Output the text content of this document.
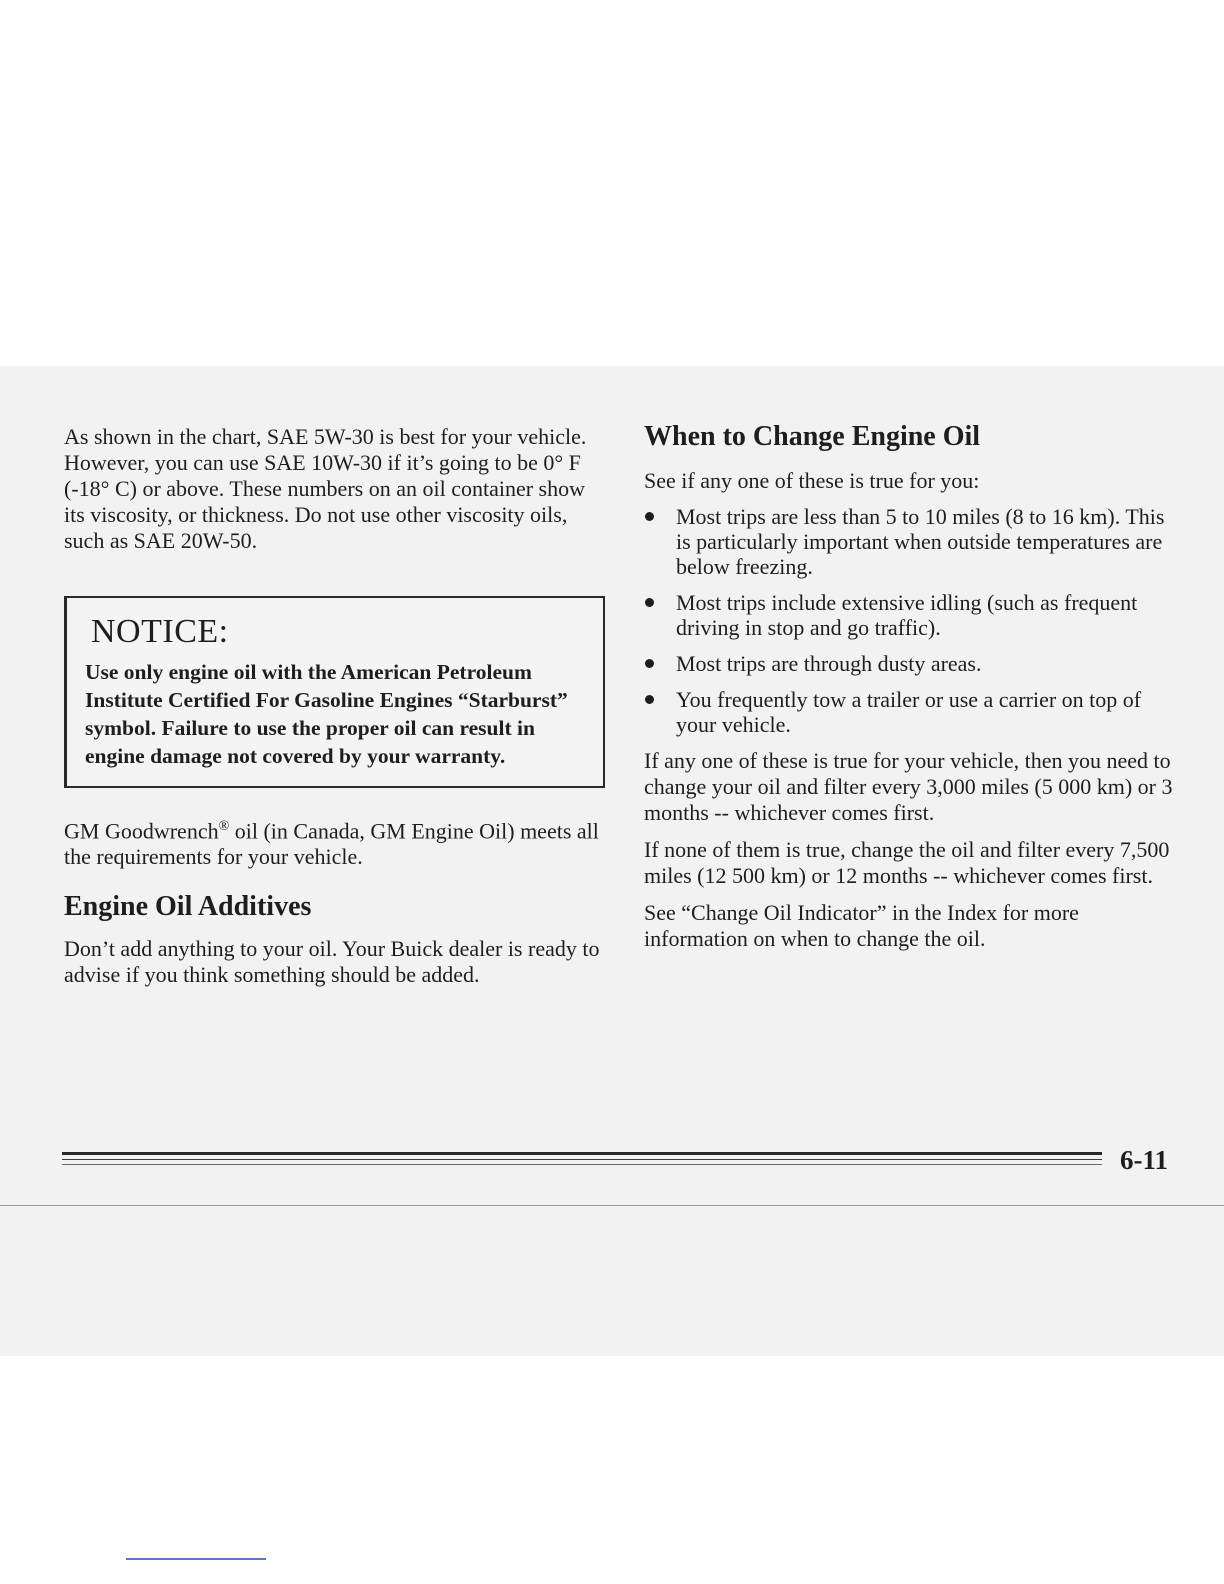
As shown in the chart, SAE 5W-30 is best for your vehicle. However, you can use SAE 10W-30 if it’s going to be 0° F (-18° C) or above. These numbers on an oil container show its viscosity, or thickness. Do not use other viscosity oils, such as SAE 20W-50.

NOTICE:
Use only engine oil with the American Petroleum Institute Certified For Gasoline Engines “Starburst” symbol. Failure to use the proper oil can result in engine damage not covered by your warranty.

GM Goodwrench® oil (in Canada, GM Engine Oil) meets all the requirements for your vehicle.

Engine Oil Additives

Don’t add anything to your oil. Your Buick dealer is ready to advise if you think something should be added.

When to Change Engine Oil

See if any one of these is true for you:

Most trips are less than 5 to 10 miles (8 to 16 km). This is particularly important when outside temperatures are below freezing.
Most trips include extensive idling (such as frequent driving in stop and go traffic).
Most trips are through dusty areas.
You frequently tow a trailer or use a carrier on top of your vehicle.

If any one of these is true for your vehicle, then you need to change your oil and filter every 3,000 miles (5 000 km) or 3 months -- whichever comes first.

If none of them is true, change the oil and filter every 7,500 miles (12 500 km) or 12 months -- whichever comes first.

See “Change Oil Indicator” in the Index for more information on when to change the oil.

6-11
